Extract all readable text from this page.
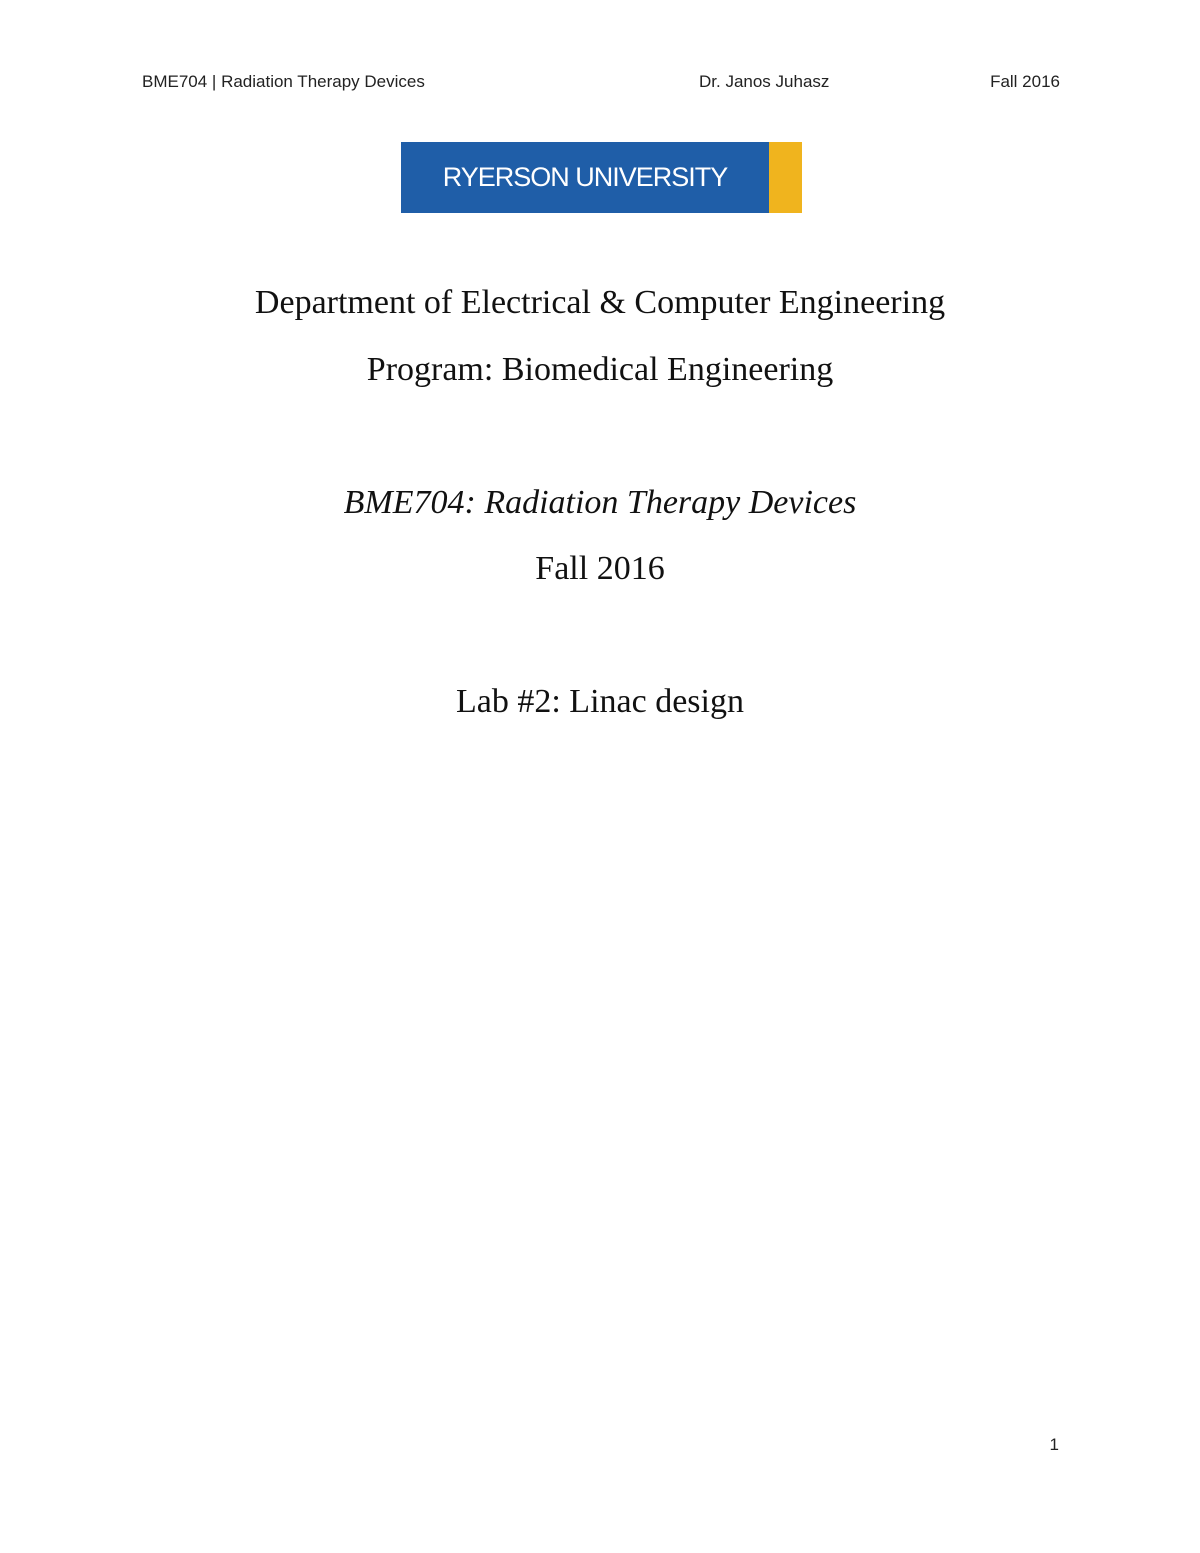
BME704 | Radiation Therapy Devices	Dr. Janos Juhasz	Fall 2016
RYERSON UNIVERSITY
Department of Electrical & Computer Engineering
Program: Biomedical Engineering
BME704: Radiation Therapy Devices
Fall 2016
Lab #2: Linac design
1
